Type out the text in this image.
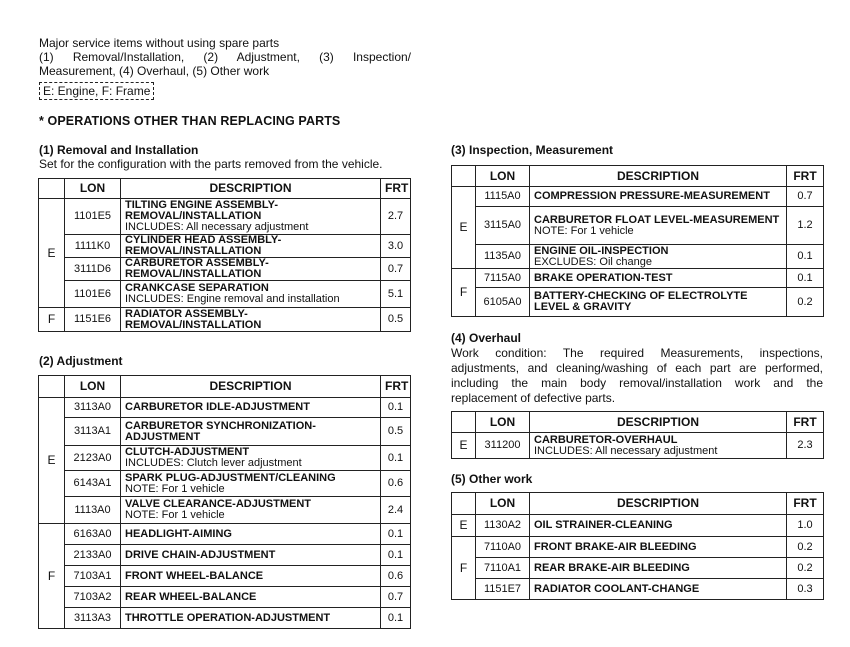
Major service items without using spare parts

(1) Removal/Installation, (2) Adjustment, (3) Inspection/

Measurement, (4) Overhaul, (5) Other work

E: Engine, F: Frame
* OPERATIONS OTHER THAN REPLACING PARTS
(1) Removal and Installation
Set for the configuration with the parts removed from the vehicle.
	LON	DESCRIPTION	FRT
E	1101E5	TILTING ENGINE ASSEMBLY-REMOVAL/INSTALLATION
INCLUDES: All necessary adjustment	2.7
	1111K0	CYLINDER HEAD ASSEMBLY-REMOVAL/INSTALLATION	3.0
	3111D6	CARBURETOR ASSEMBLY-REMOVAL/INSTALLATION	0.7
	1101E6	CRANKCASE SEPARATION
INCLUDES: Engine removal and installation	5.1
F	1151E6	RADIATOR ASSEMBLY-REMOVAL/INSTALLATION	0.5
(2) Adjustment
	LON	DESCRIPTION	FRT
E	3113A0	CARBURETOR IDLE-ADJUSTMENT	0.1
	3113A1	CARBURETOR SYNCHRONIZATION-ADJUSTMENT	0.5
	2123A0	CLUTCH-ADJUSTMENT
INCLUDES: Clutch lever adjustment	0.1
	6143A1	SPARK PLUG-ADJUSTMENT/CLEANING
NOTE: For 1 vehicle	0.6
	1113A0	VALVE CLEARANCE-ADJUSTMENT
NOTE: For 1 vehicle	2.4
F	6163A0	HEADLIGHT-AIMING	0.1
	2133A0	DRIVE CHAIN-ADJUSTMENT	0.1
	7103A1	FRONT WHEEL-BALANCE	0.6
	7103A2	REAR WHEEL-BALANCE	0.7
	3113A3	THROTTLE OPERATION-ADJUSTMENT	0.1
(3) Inspection, Measurement
	LON	DESCRIPTION	FRT
E	1115A0	COMPRESSION PRESSURE-MEASUREMENT	0.7
	3115A0	CARBURETOR FLOAT LEVEL-MEASUREMENT
NOTE: For 1 vehicle	1.2
	1135A0	ENGINE OIL-INSPECTION
EXCLUDES: Oil change	0.1
F	7115A0	BRAKE OPERATION-TEST	0.1
	6105A0	BATTERY-CHECKING OF ELECTROLYTE LEVEL & GRAVITY	0.2
(4) Overhaul
Work condition: The required Measurements, inspections, adjustments, and cleaning/washing of each part are performed, including the main body removal/installation work and the replacement of defective parts.
	LON	DESCRIPTION	FRT
E	311200	CARBURETOR-OVERHAUL
INCLUDES: All necessary adjustment	2.3
(5) Other work
	LON	DESCRIPTION	FRT
E	1130A2	OIL STRAINER-CLEANING	1.0
F	7110A0	FRONT BRAKE-AIR BLEEDING	0.2
	7110A1	REAR BRAKE-AIR BLEEDING	0.2
	1151E7	RADIATOR COOLANT-CHANGE	0.3
